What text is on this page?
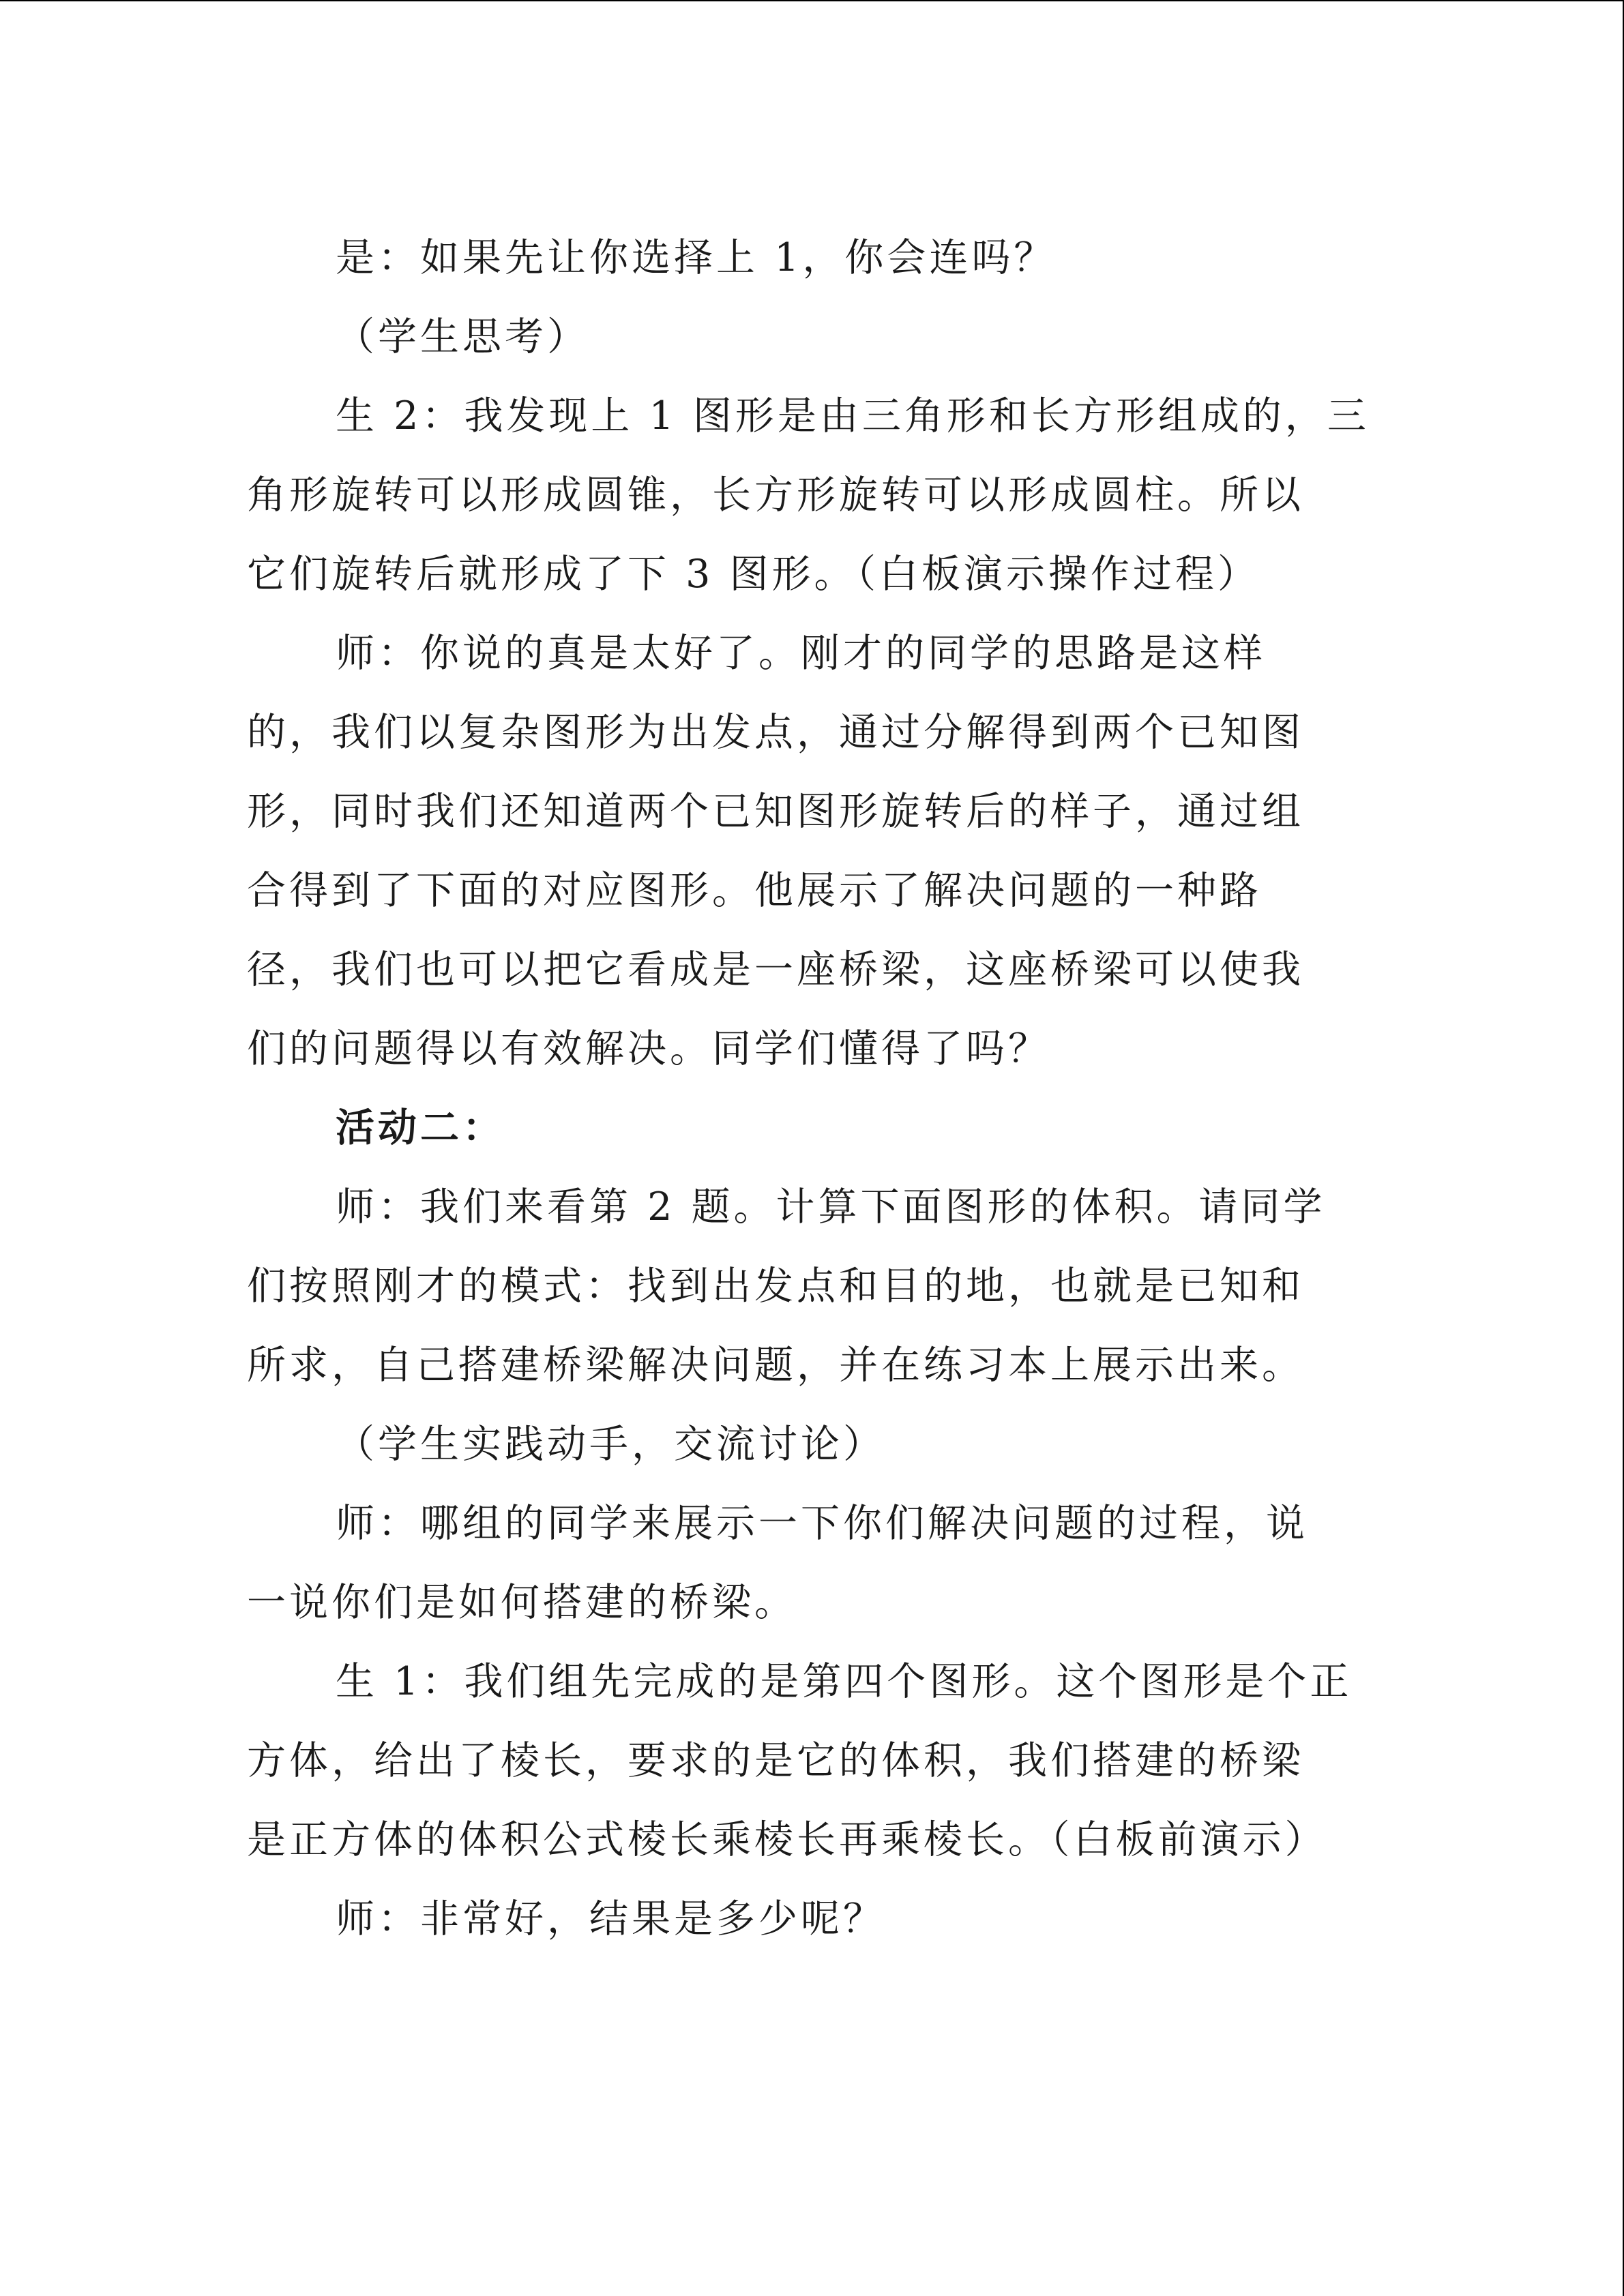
是：如果先让你选择上 1，你会连吗？
（学生思考）
生 2：我发现上 1 图形是由三角形和长方形组成的，三
角形旋转可以形成圆锥，长方形旋转可以形成圆柱。所以
它们旋转后就形成了下 3 图形。（白板演示操作过程）
师：你说的真是太好了。刚才的同学的思路是这样
的，我们以复杂图形为出发点，通过分解得到两个已知图
形，同时我们还知道两个已知图形旋转后的样子，通过组
合得到了下面的对应图形。他展示了解决问题的一种路
径，我们也可以把它看成是一座桥梁，这座桥梁可以使我
们的问题得以有效解决。同学们懂得了吗？
活动二：
师：我们来看第 2 题。计算下面图形的体积。请同学
们按照刚才的模式：找到出发点和目的地，也就是已知和
所求，自己搭建桥梁解决问题，并在练习本上展示出来。
（学生实践动手，交流讨论）
师：哪组的同学来展示一下你们解决问题的过程，说
一说你们是如何搭建的桥梁。
生 1：我们组先完成的是第四个图形。这个图形是个正
方体，给出了棱长，要求的是它的体积，我们搭建的桥梁
是正方体的体积公式棱长乘棱长再乘棱长。（白板前演示）
师：非常好，结果是多少呢？
